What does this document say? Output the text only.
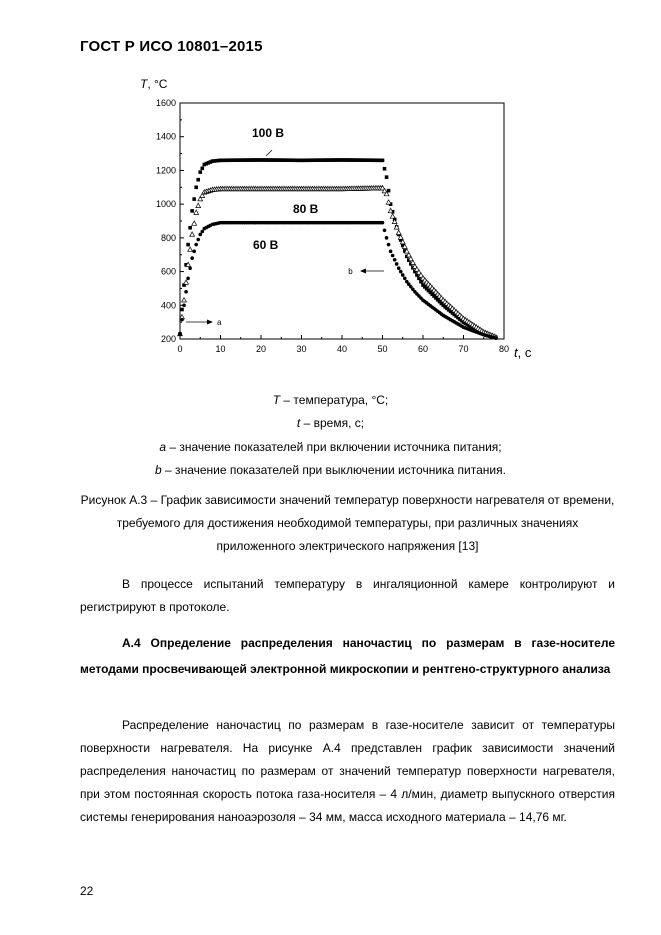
ГОСТ Р ИСО 10801–2015
0	10	20	30	40	50	60	70	80
200
400
600
800
1000
1200
1400
1600
T, °C
t, с
100 В
80 В
60 В
a
b
T – температура, °C;
t – время, с;
a – значение показателей при включении источника питания;
b – значение показателей при выключении источника питания.
Рисунок А.3 – График зависимости значений температур поверхности нагревателя от времени, требуемого для достижения необходимой температуры, при различных значениях приложенного электрического напряжения [13]
В процессе испытаний температуру в ингаляционной камере контролируют и регистрируют в протоколе.
А.4 Определение распределения наночастиц по размерам в газе-носителе методами просвечивающей электронной микроскопии и рентгено-структурного анализа
Распределение наночастиц по размерам в газе-носителе зависит от температуры поверхности нагревателя. На рисунке А.4 представлен график зависимости значений распределения наночастиц по размерам от значений температур поверхности нагревателя, при этом постоянная скорость потока газа-носителя – 4 л/мин, диаметр выпускного отверстия системы генерирования наноаэрозоля – 34 мм, масса исходного материала – 14,76 мг.
22
